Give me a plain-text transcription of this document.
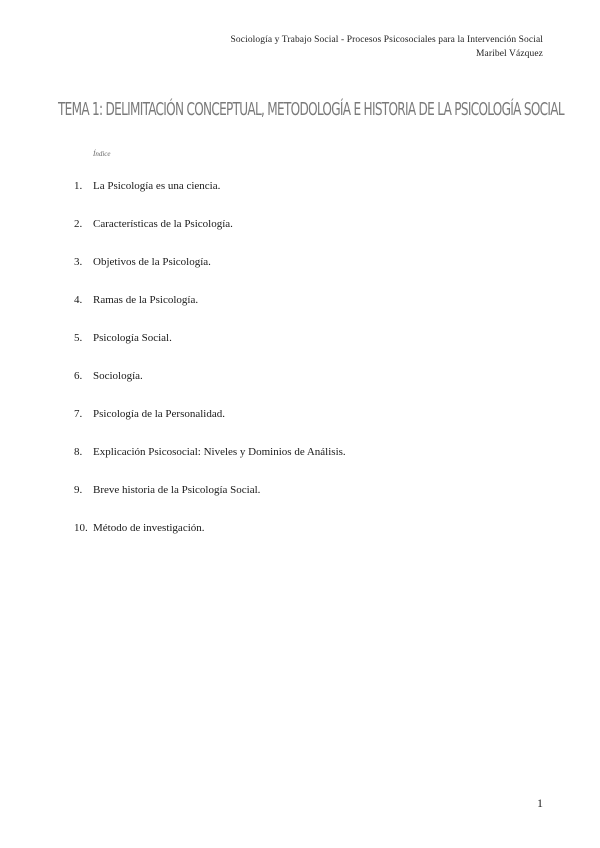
Sociología y Trabajo Social - Procesos Psicosociales para la Intervención Social
Maribel Vázquez
TEMA 1: DELIMITACIÓN CONCEPTUAL, METODOLOGÍA E HISTORIA DE LA PSICOLOGÍA SOCIAL
Índice
1. La Psicología es una ciencia.
2. Características de la Psicología.
3. Objetivos de la Psicología.
4. Ramas de la Psicología.
5. Psicología Social.
6. Sociología.
7. Psicología de la Personalidad.
8. Explicación Psicosocial: Niveles y Dominios de Análisis.
9. Breve historia de la Psicología Social.
10. Método de investigación.
1
